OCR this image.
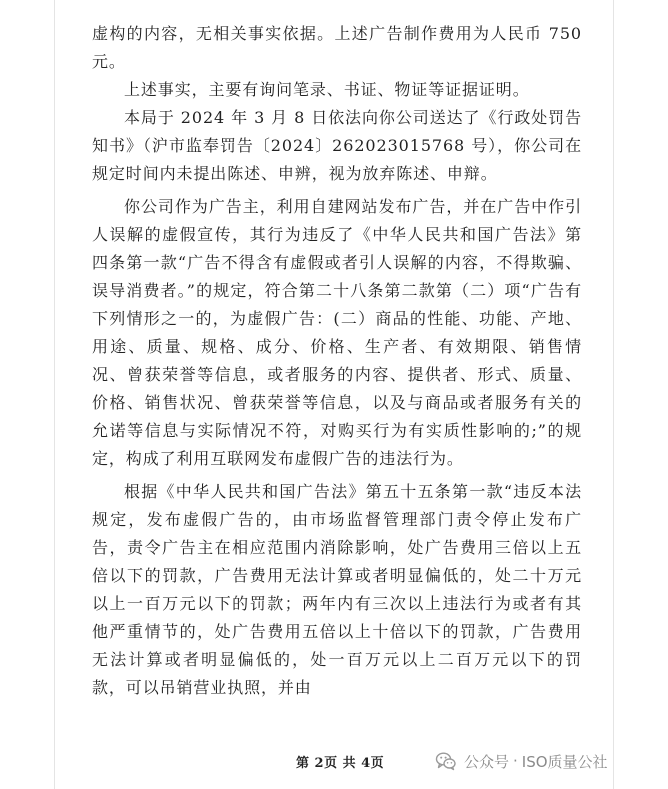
虚构的内容，无相关事实依据。上述广告制作费用为人民币 750 元。

上述事实，主要有询问笔录、书证、物证等证据证明。

本局于 2024 年 3 月 8 日依法向你公司送达了《行政处罚告知书》（沪市监奉罚告〔2024〕262023015768 号），你公司在规定时间内未提出陈述、申辨，视为放弃陈述、申辩。

你公司作为广告主，利用自建网站发布广告，并在广告中作引人误解的虚假宣传，其行为违反了《中华人民共和国广告法》第四条第一款“广告不得含有虚假或者引人误解的内容，不得欺骗、误导消费者。”的规定，符合第二十八条第二款第（二）项“广告有下列情形之一的，为虚假广告：(二）商品的性能、功能、产地、用途、质量、规格、成分、价格、生产者、有效期限、销售情况、曾获荣誉等信息，或者服务的内容、提供者、形式、质量、价格、销售状况、曾获荣誉等信息，以及与商品或者服务有关的允诺等信息与实际情况不符，对购买行为有实质性影响的;”的规定，构成了利用互联网发布虚假广告的违法行为。

根据《中华人民共和国广告法》第五十五条第一款“违反本法规定，发布虚假广告的，由市场监督管理部门责令停止发布广告，责令广告主在相应范围内消除影响，处广告费用三倍以上五倍以下的罚款，广告费用无法计算或者明显偏低的，处二十万元以上一百万元以下的罚款；两年内有三次以上违法行为或者有其他严重情节的，处广告费用五倍以上十倍以下的罚款，广告费用无法计算或者明显偏低的，处一百万元以上二百万元以下的罚款，可以吊销营业执照，并由

第 2页 共 4页	公众号 · ISO质量公社
